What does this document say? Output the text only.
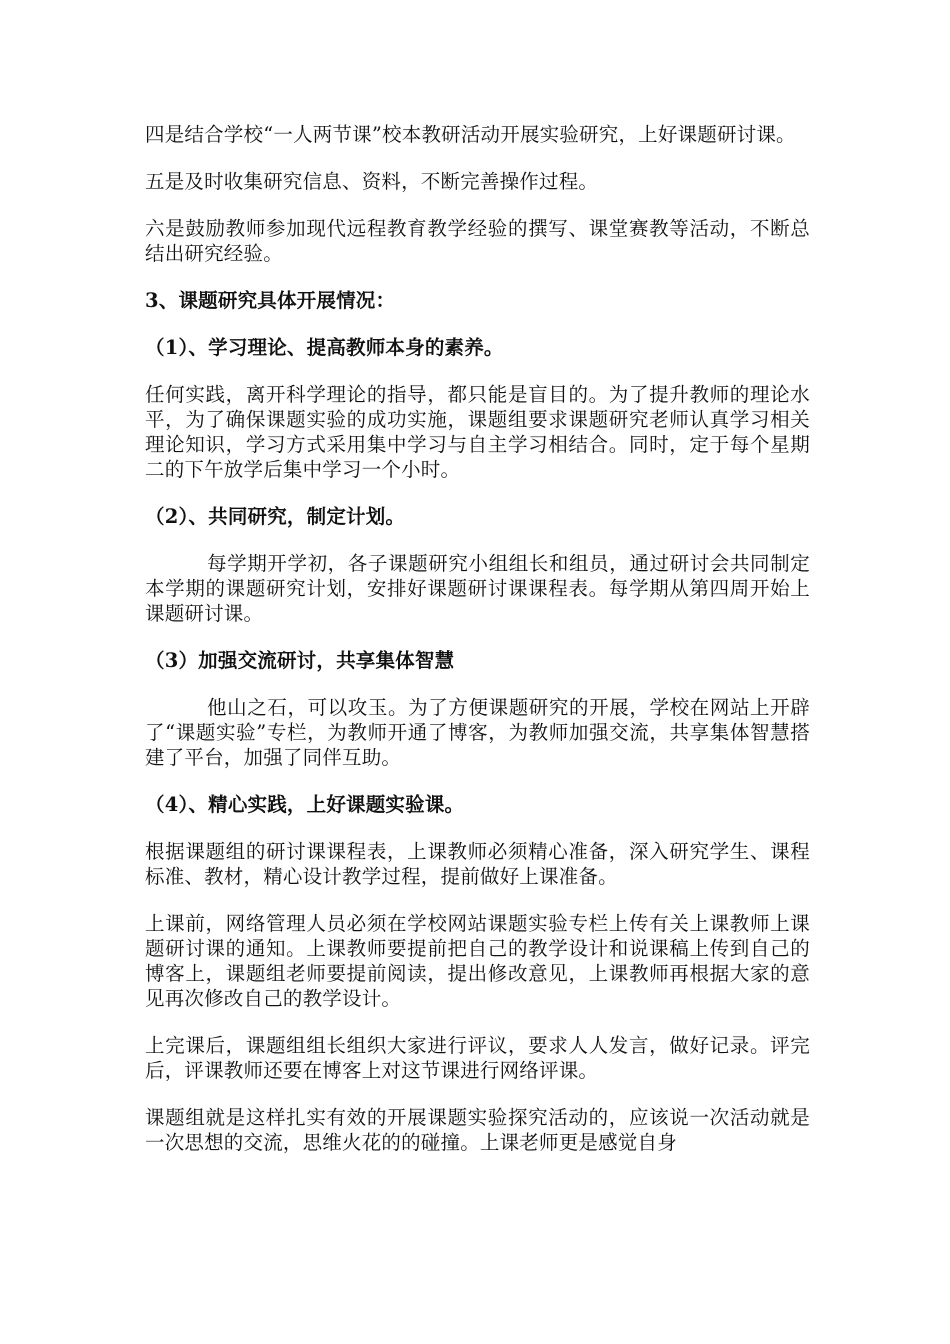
四是结合学校“一人两节课”校本教研活动开展实验研究，上好课题研讨课。

五是及时收集研究信息、资料，不断完善操作过程。

六是鼓励教师参加现代远程教育教学经验的撰写、课堂赛教等活动，不断总结出研究经验。

3、课题研究具体开展情况：

（1）、学习理论、提高教师本身的素养。

任何实践，离开科学理论的指导，都只能是盲目的。为了提升教师的理论水平，为了确保课题实验的成功实施，课题组要求课题研究老师认真学习相关理论知识，学习方式采用集中学习与自主学习相结合。同时，定于每个星期二的下午放学后集中学习一个小时。

（2）、共同研究，制定计划。

每学期开学初，各子课题研究小组组长和组员，通过研讨会共同制定本学期的课题研究计划，安排好课题研讨课课程表。每学期从第四周开始上课题研讨课。

（3）加强交流研讨，共享集体智慧

他山之石，可以攻玉。为了方便课题研究的开展，学校在网站上开辟了“课题实验”专栏，为教师开通了博客，为教师加强交流，共享集体智慧搭建了平台，加强了同伴互助。

（4）、精心实践，上好课题实验课。

根据课题组的研讨课课程表，上课教师必须精心准备，深入研究学生、课程标准、教材，精心设计教学过程，提前做好上课准备。

上课前，网络管理人员必须在学校网站课题实验专栏上传有关上课教师上课题研讨课的通知。上课教师要提前把自己的教学设计和说课稿上传到自己的博客上，课题组老师要提前阅读，提出修改意见，上课教师再根据大家的意见再次修改自己的教学设计。

上完课后，课题组组长组织大家进行评议，要求人人发言，做好记录。评完后，评课教师还要在博客上对这节课进行网络评课。

课题组就是这样扎实有效的开展课题实验探究活动的，应该说一次活动就是一次思想的交流，思维火花的的碰撞。上课老师更是感觉自身
